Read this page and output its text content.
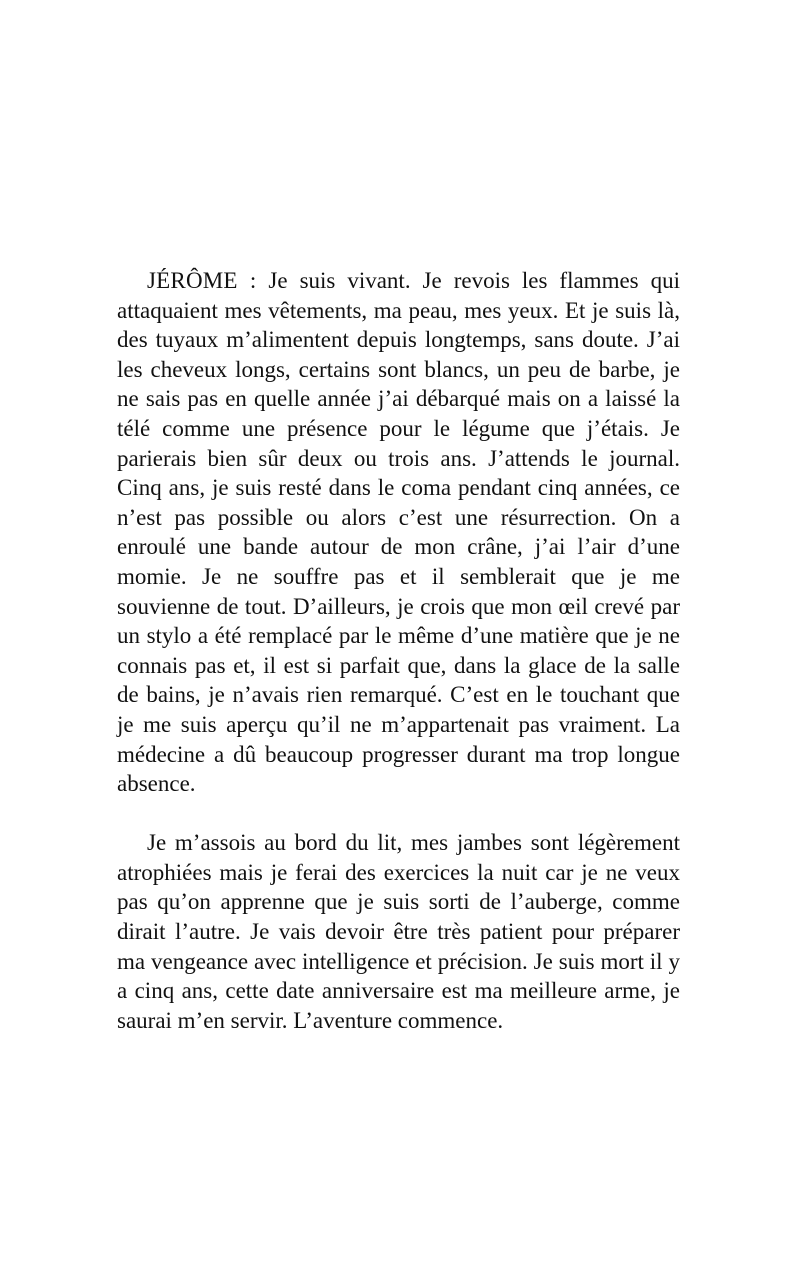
JÉRÔME : Je suis vivant. Je revois les flammes qui attaquaient mes vêtements, ma peau, mes yeux. Et je suis là, des tuyaux m’alimentent depuis longtemps, sans doute. J’ai les cheveux longs, certains sont blancs, un peu de barbe, je ne sais pas en quelle année j’ai débarqué mais on a laissé la télé comme une présence pour le légume que j’étais. Je parierais bien sûr deux ou trois ans. J’attends le journal. Cinq ans, je suis resté dans le coma pendant cinq années, ce n’est pas possible ou alors c’est une résurrection. On a enroulé une bande autour de mon crâne, j’ai l’air d’une momie. Je ne souffre pas et il semblerait que je me souvienne de tout. D’ailleurs, je crois que mon œil crevé par un stylo a été remplacé par le même d’une matière que je ne connais pas et, il est si parfait que, dans la glace de la salle de bains, je n’avais rien remarqué. C’est en le touchant que je me suis aperçu qu’il ne m’appartenait pas vraiment. La médecine a dû beaucoup progresser durant ma trop longue absence.

Je m’assois au bord du lit, mes jambes sont légèrement atrophiées mais je ferai des exercices la nuit car je ne veux pas qu’on apprenne que je suis sorti de l’auberge, comme dirait l’autre. Je vais devoir être très patient pour préparer ma vengeance avec intelligence et précision. Je suis mort il y a cinq ans, cette date anniversaire est ma meilleure arme, je saurai m’en servir. L’aventure commence.
